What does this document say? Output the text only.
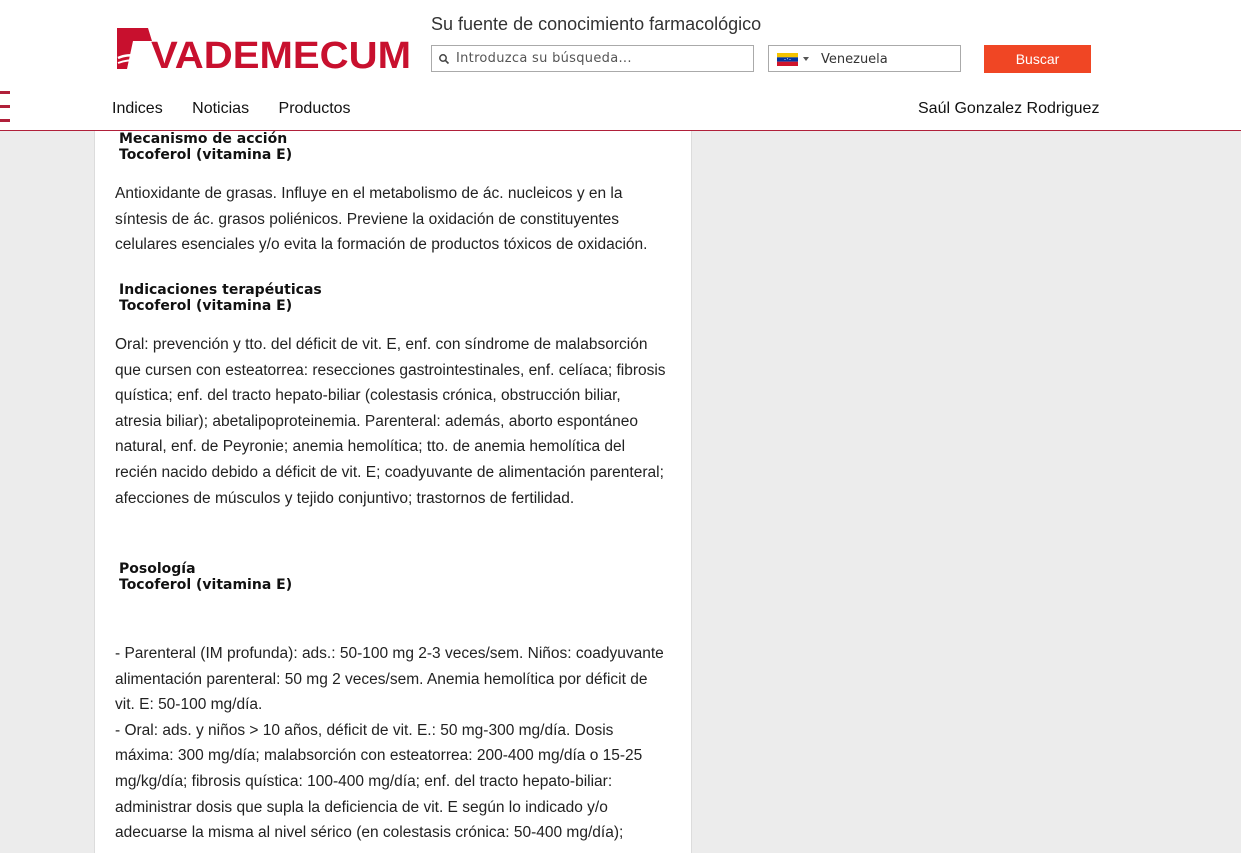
VADEMECUM
Su fuente de conocimiento farmacológico
Introduzca su búsqueda...
Venezuela	Buscar
Indices Noticias Productos	Saúl Gonzalez Rodriguez
Mecanismo de acción
Tocoferol (vitamina E)

Antioxidante de grasas. Influye en el metabolismo de ác. nucleicos y en la síntesis de ác. grasos poliénicos. Previene la oxidación de constituyentes celulares esenciales y/o evita la formación de productos tóxicos de oxidación.

Indicaciones terapéuticas
Tocoferol (vitamina E)

Oral: prevención y tto. del déficit de vit. E, enf. con síndrome de malabsorción que cursen con esteatorrea: resecciones gastrointestinales, enf. celíaca; fibrosis quística; enf. del tracto hepato-biliar (colestasis crónica, obstrucción biliar, atresia biliar); abetalipoproteinemia. Parenteral: además, aborto espontáneo natural, enf. de Peyronie; anemia hemolítica; tto. de anemia hemolítica del recién nacido debido a déficit de vit. E; coadyuvante de alimentación parenteral; afecciones de músculos y tejido conjuntivo; trastornos de fertilidad.

Posología
Tocoferol (vitamina E)

- Parenteral (IM profunda): ads.: 50-100 mg 2-3 veces/sem. Niños: coadyuvante alimentación parenteral: 50 mg 2 veces/sem. Anemia hemolítica por déficit de vit. E: 50-100 mg/día.

- Oral: ads. y niños > 10 años, déficit de vit. E.: 50 mg-300 mg/día. Dosis máxima: 300 mg/día; malabsorción con esteatorrea: 200-400 mg/día o 15-25 mg/kg/día; fibrosis quística: 100-400 mg/día; enf. del tracto hepato-biliar: administrar dosis que supla la deficiencia de vit. E según lo indicado y/o adecuarse la misma al nivel sérico (en colestasis crónica: 50-400 mg/día);
